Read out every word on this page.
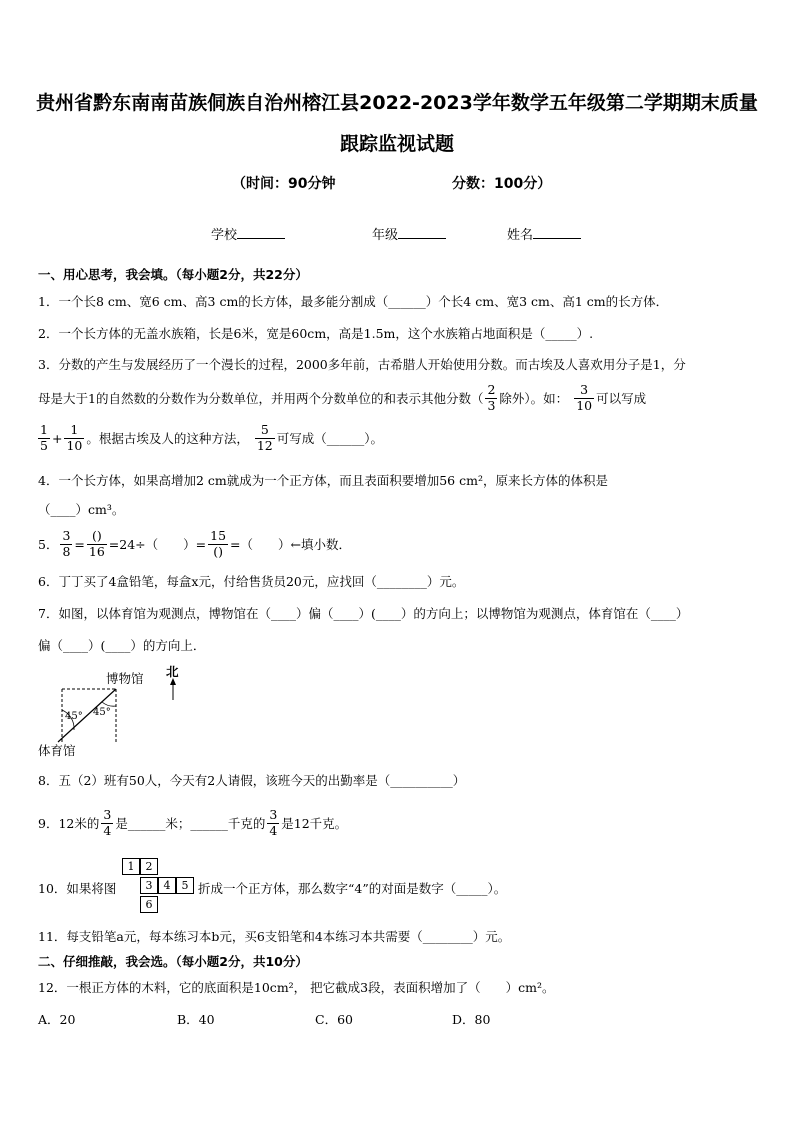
贵州省黔东南南苗族侗族自治州榕江县2022-2023学年数学五年级第二学期期末质量
跟踪监视试题
（时间：90分钟	分数：100分）
学校	年级	姓名
一、用心思考，我会填。（每小题2分，共22分）
1．一个长8 cm、宽6 cm、高3 cm的长方体，最多能分割成（______）个长4 cm、宽3 cm、高1 cm的长方体．
2．一个长方体的无盖水族箱，长是6米，宽是60cm，高是1.5m，这个水族箱占地面积是（_____）.
3．分数的产生与发展经历了一个漫长的过程，2000多年前，古希腊人开始使用分数。而古埃及人喜欢用分子是1，分
母是大于1的自然数的分数作为分数单位，并用两个分数单位的和表示其他分数（ $\frac{2}{3}$ 除外）。如： $\frac{3}{10}$ 可以写成
$\frac{1}{5} + \frac{1}{10}$ 。根据古埃及人的这种方法， $\frac{5}{12}$ 可写成（______）。
4．一个长方体，如果高增加2 cm就成为一个正方体，而且表面积要增加56 cm²，原来长方体的体积是
（____）cm³。
5． $\frac{3}{8} = \frac{()}{16} =24\div$（　　）= $\frac{15}{()}$ =（　　）←填小数．
6．丁丁买了4盒铅笔，每盒x元，付给售货员20元，应找回（________）元。
7．如图，以体育馆为观测点，博物馆在（____）偏（____）(____）的方向上；以博物馆为观测点，体育馆在（____）
偏（____）(____）的方向上．
博物馆 北
45° 45°
体育馆
8．五（2）班有50人，今天有2人请假，该班今天的出勤率是（__________）
9．12米的 $\frac{3}{4}$ 是______米；______千克的 $\frac{3}{4}$ 是12千克。
10．如果将图
1	2
3	4	5
6
折成一个正方体，那么数字“4”的对面是数字（_____）。
11．每支铅笔a元，每本练习本b元，买6支铅笔和4本练习本共需要（________）元。
二、仔细推敲，我会选。（每小题2分，共10分）
12．一根正方体的木料，它的底面积是10cm²， 把它截成3段，表面积增加了（　　）cm²。
A．20	B．40	C．60	D．80
